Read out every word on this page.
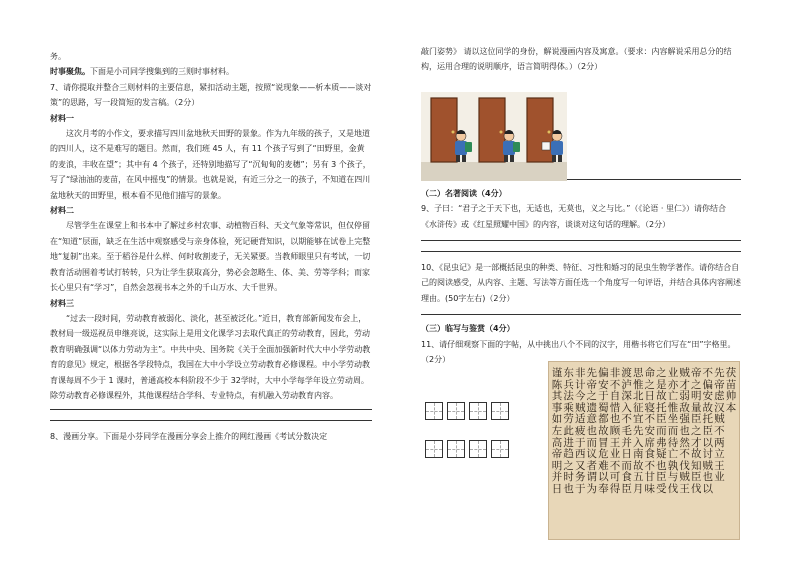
务。

时事聚焦。下面是小司同学搜集到的三则时事材料。

7、请你提取并整合三则材料的主要信息，紧扣活动主题，按照“说现象——析本质——谈对策”的思路，写一段简短的发言稿。（2分）

材料一

这次月考的小作文，要求描写四川盆地秋天田野的景象。作为九年级的孩子，又是地道的四川人，这不是难写的题目。然而，我们班 45 人，有 11 个孩子写到了“田野里，金黄的麦浪，丰收在望”；其中有 4 个孩子，还特别地描写了“沉甸甸的麦穗”；另有 3 个孩子，写了“绿油油的麦苗，在风中摇曳”的情景。也就是说，有近三分之一的孩子，不知道在四川盆地秋天的田野里，根本看不见他们描写的景象。

材料二

尽管学生在课堂上和书本中了解过乡村农事、动植物百科、天文气象等常识，但仅停留在“知道”层面，缺乏在生活中观察感受与亲身体验，死记硬背知识，以期能够在试卷上完整地“复制”出来。至于稻谷是什么样、何时收割麦子，无关紧要。当教师眼里只有考试，一切教育活动围着考试打转转，只为让学生获取高分，势必会忽略生、体、美、劳等学科；而家长心里只有“学习”，自然会忽视书本之外的千山万水、大千世界。

材料三

“过去一段时间，劳动教育被弱化、淡化，甚至被泛化。”近日，教育部新闻发布会上，教材局一级巡视员申继亮说，这实际上是用文化课学习去取代真正的劳动教育，因此，劳动教育明确强调“以体力劳动为主”。中共中央、国务院《关于全面加强新时代大中小学劳动教育的意见》规定，根据各学段特点，我国在大中小学设立劳动教育必修课程。中小学劳动教育课每周不少于 1 课时，普通高校本科阶段不少于 32学时，大中小学每学年设立劳动周。除劳动教育必修课程外，其他课程结合学科、专业特点，有机融入劳动教育内容。

8、漫画分享。下面是小芬同学在漫画分享会上推介的网红漫画《考试分数决定

敲门姿势》 请以这位同学的身份，解说漫画内容及寓意。（要求：内容解说采用总分的结构，运用合理的说明顺序，语言简明得体。）（2分）

（二）名著阅读（4分）

9、子曰：“君子之于天下也，无适也，无莫也，义之与比。”（《论语 · 里仁》）请你结合《水浒传》或《红星照耀中国》的内容，谈谈对这句话的理解。（2分）

10、《昆虫记》是一部概括昆虫的种类、特征、习性和婚习的昆虫生物学著作。请你结合自己的阅读感受，从内容、主题、写法等方面任选一个角度写一句评语，并结合具体内容阐述理由。(50字左右)（2分）

（三）临写与鉴赏（4分）

11、请仔细观察下面的字帖，从中挑出八个不同的汉字，用楷书将它们写在“田”字格里。（2分）

茯苗帅本
先帝虑汉贼不两立王业
不偏安故托臣以讨贼也以
帝之明量臣之才故知臣伐
贼才弱敌强也然不伐贼王
业亦亡惟坐而待亡孰与伐
之是故托臣而弗疑也臣受
命之日寝不安席食不甘味
思惟北征宜先入南故五月
渡泸深入不毛并日而食臣
非不自惜也顾王业不可得
偏安于蜀都故冒危难以奉
先帝之遗意也而议者谓为
非计今贼适疲于西又务于
东兵法乘劳此进趋之时也
谨陈其事如左高帝明并日
